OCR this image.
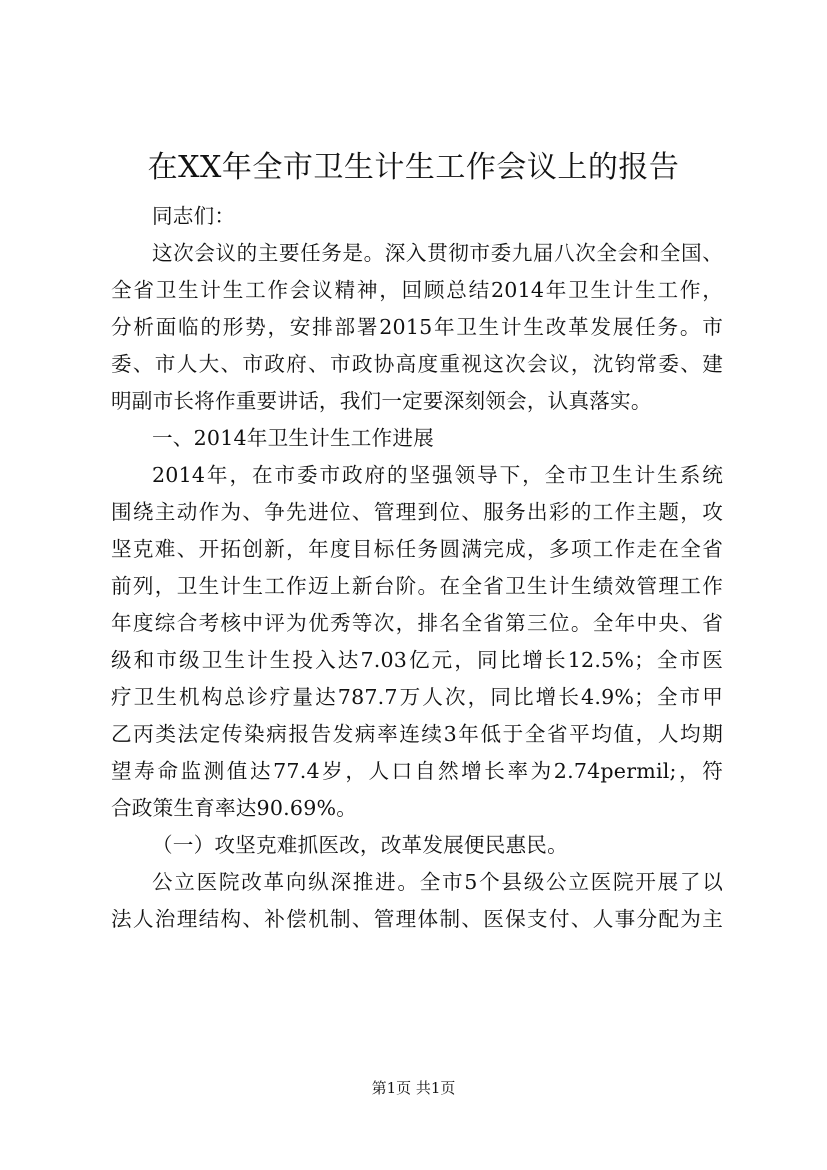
在XX年全市卫生计生工作会议上的报告
同志们：
这次会议的主要任务是。深入贯彻市委九届八次全会和全国、
全省卫生计生工作会议精神，回顾总结2014年卫生计生工作，
分析面临的形势，安排部署2015年卫生计生改革发展任务。市
委、市人大、市政府、市政协高度重视这次会议，沈钧常委、建
明副市长将作重要讲话，我们一定要深刻领会，认真落实。
一、2014年卫生计生工作进展
2014年，在市委市政府的坚强领导下，全市卫生计生系统
围绕主动作为、争先进位、管理到位、服务出彩的工作主题，攻
坚克难、开拓创新，年度目标任务圆满完成，多项工作走在全省
前列，卫生计生工作迈上新台阶。在全省卫生计生绩效管理工作
年度综合考核中评为优秀等次，排名全省第三位。全年中央、省
级和市级卫生计生投入达7.03亿元，同比增长12.5%；全市医
疗卫生机构总诊疗量达787.7万人次，同比增长4.9%；全市甲
乙丙类法定传染病报告发病率连续3年低于全省平均值，人均期
望寿命监测值达77.4岁，人口自然增长率为2.74permil;，符
合政策生育率达90.69%。
（一）攻坚克难抓医改，改革发展便民惠民。
公立医院改革向纵深推进。全市5个县级公立医院开展了以
法人治理结构、补偿机制、管理体制、医保支付、人事分配为主
第1页 共1页
